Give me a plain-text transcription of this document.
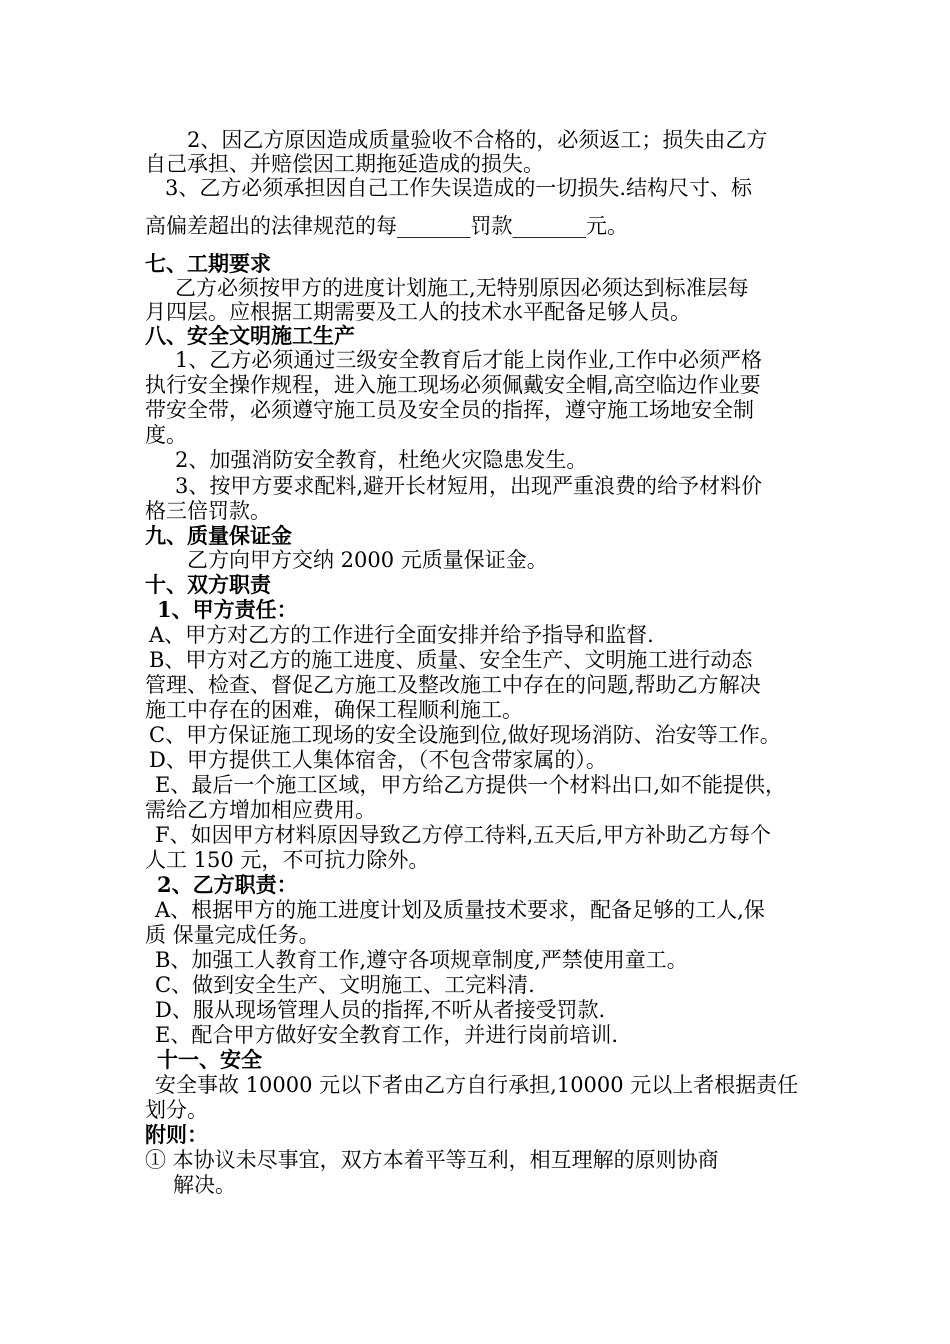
2、因乙方原因造成质量验收不合格的，必须返工；损失由乙方
自己承担、并赔偿因工期拖延造成的损失。
3、乙方必须承担因自己工作失误造成的一切损失.结构尺寸、标
高偏差超出的法律规范的每_______罚款_______元。
七、工期要求
乙方必须按甲方的进度计划施工,无特别原因必须达到标准层每
月四层。应根据工期需要及工人的技术水平配备足够人员。
八、安全文明施工生产
1、乙方必须通过三级安全教育后才能上岗作业,工作中必须严格
执行安全操作规程，进入施工现场必须佩戴安全帽,高空临边作业要
带安全带，必须遵守施工员及安全员的指挥，遵守施工场地安全制
度。
2、加强消防安全教育，杜绝火灾隐患发生。
3、按甲方要求配料,避开长材短用，出现严重浪费的给予材料价
格三倍罚款。
九、质量保证金
乙方向甲方交纳 2000 元质量保证金。
十、双方职责
1、甲方责任：
A、甲方对乙方的工作进行全面安排并给予指导和监督.
B、甲方对乙方的施工进度、质量、安全生产、文明施工进行动态
管理、检查、督促乙方施工及整改施工中存在的问题,帮助乙方解决
施工中存在的困难，确保工程顺利施工。
C、甲方保证施工现场的安全设施到位,做好现场消防、治安等工作。
D、甲方提供工人集体宿舍，（不包含带家属的）。
E、最后一个施工区域，甲方给乙方提供一个材料出口,如不能提供，
需给乙方增加相应费用。
F、如因甲方材料原因导致乙方停工待料,五天后,甲方补助乙方每个
人工 150 元，不可抗力除外。
2、乙方职责：
A、根据甲方的施工进度计划及质量技术要求，配备足够的工人,保
质 保量完成任务。
B、加强工人教育工作,遵守各项规章制度,严禁使用童工。
C、做到安全生产、文明施工、工完料清.
D、服从现场管理人员的指挥,不听从者接受罚款.
E、配合甲方做好安全教育工作，并进行岗前培训.
十一、安全
安全事故 10000 元以下者由乙方自行承担,10000 元以上者根据责任
划分。
附则：
① 本协议未尽事宜，双方本着平等互利，相互理解的原则协商
解决。
